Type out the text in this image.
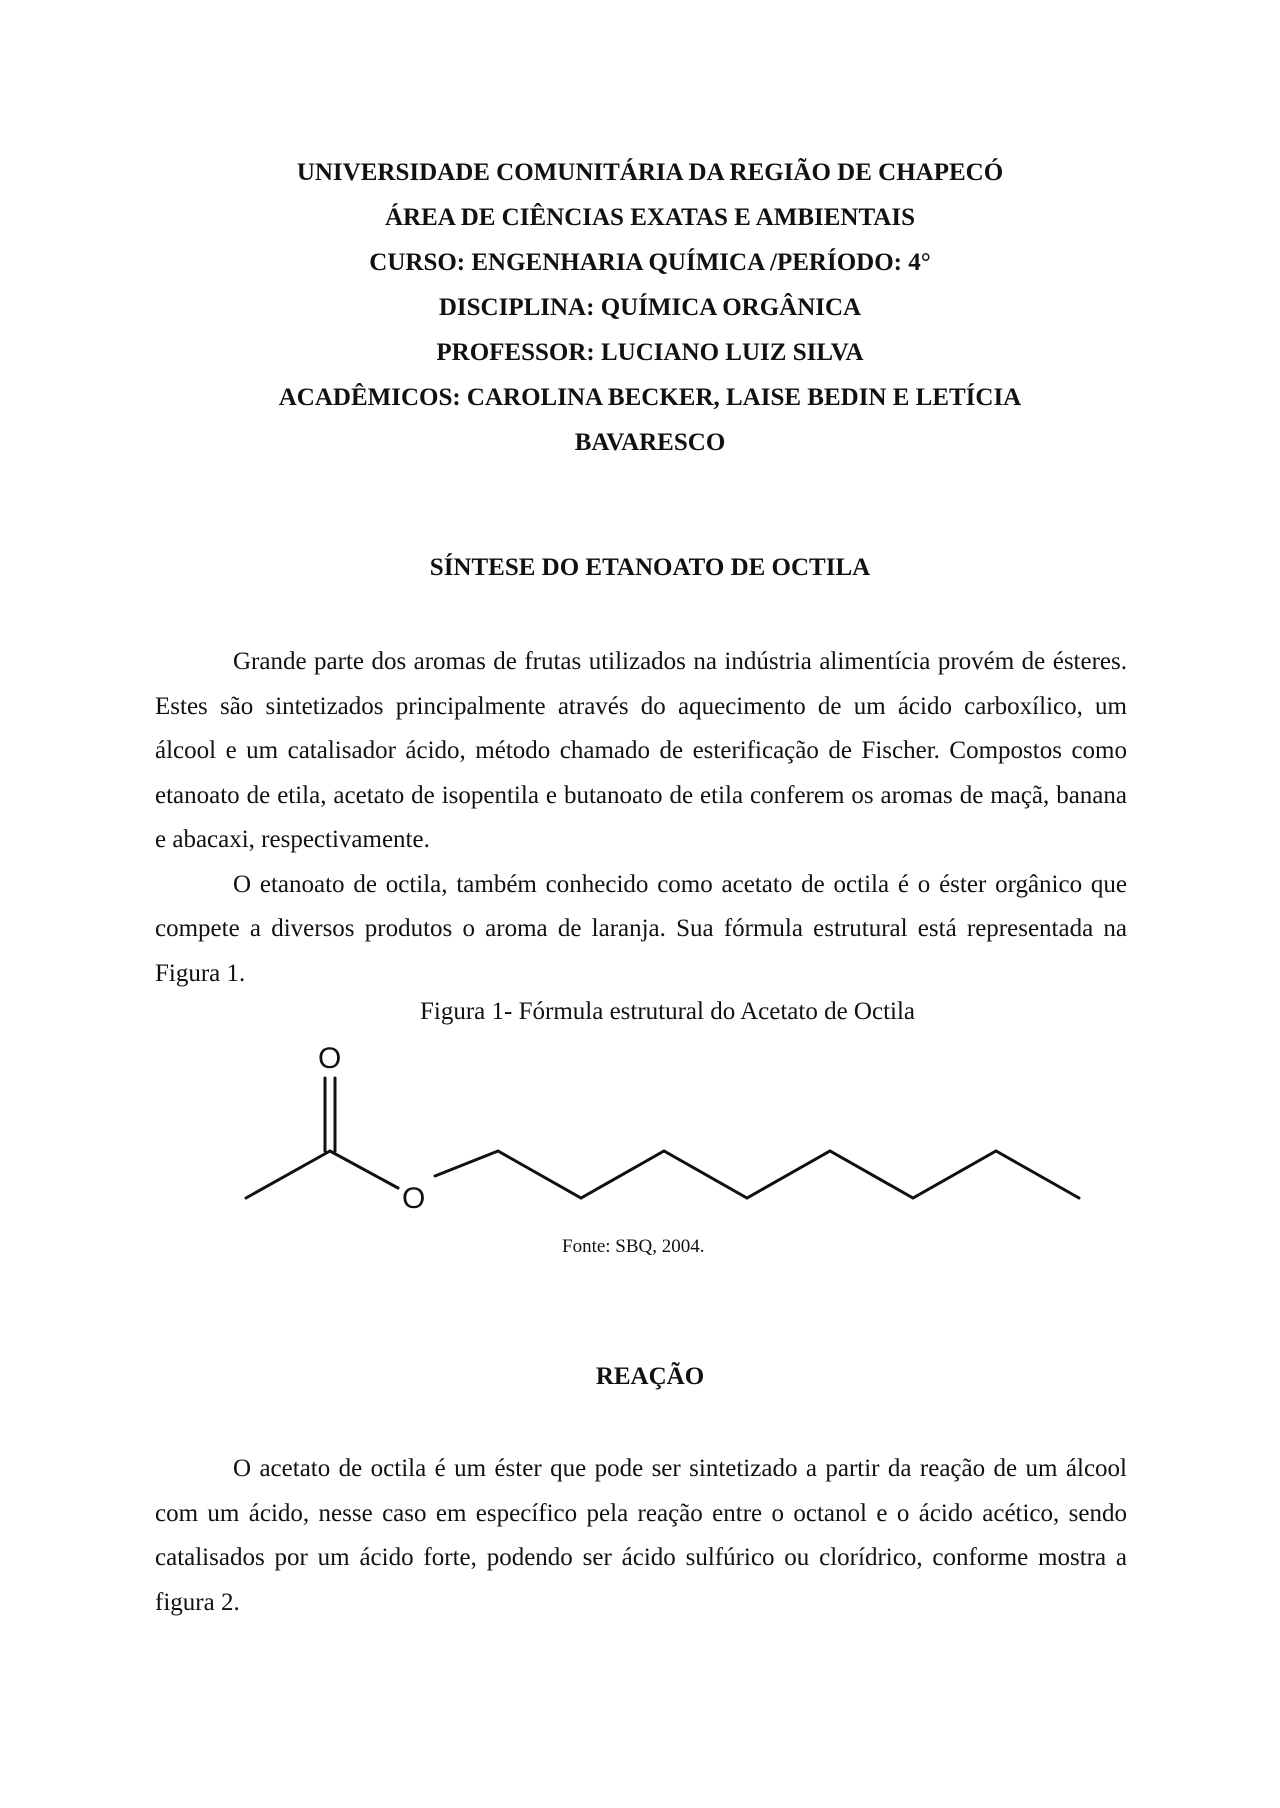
UNIVERSIDADE COMUNITÁRIA DA REGIÃO DE CHAPECÓ
ÁREA DE CIÊNCIAS EXATAS E AMBIENTAIS
CURSO: ENGENHARIA QUÍMICA /PERÍODO: 4°
DISCIPLINA: QUÍMICA ORGÂNICA
PROFESSOR: LUCIANO LUIZ SILVA
ACADÊMICOS: CAROLINA BECKER, LAISE BEDIN E LETÍCIA
BAVARESCO
SÍNTESE DO ETANOATO DE OCTILA

Grande parte dos aromas de frutas utilizados na indústria alimentícia provém de ésteres. Estes são sintetizados principalmente através do aquecimento de um ácido carboxílico, um álcool e um catalisador ácido, método chamado de esterificação de Fischer. Compostos como etanoato de etila, acetato de isopentila e butanoato de etila conferem os aromas de maçã, banana e abacaxi, respectivamente.

O etanoato de octila, também conhecido como acetato de octila é o éster orgânico que compete a diversos produtos o aroma de laranja. Sua fórmula estrutural está representada na Figura 1.

Figura 1- Fórmula estrutural do Acetato de Octila
O
O
Fonte: SBQ, 2004.
REAÇÃO

O acetato de octila é um éster que pode ser sintetizado a partir da reação de um álcool com um ácido, nesse caso em específico pela reação entre o octanol e o ácido acético, sendo catalisados por um ácido forte, podendo ser ácido sulfúrico ou clorídrico, conforme mostra a figura 2.
